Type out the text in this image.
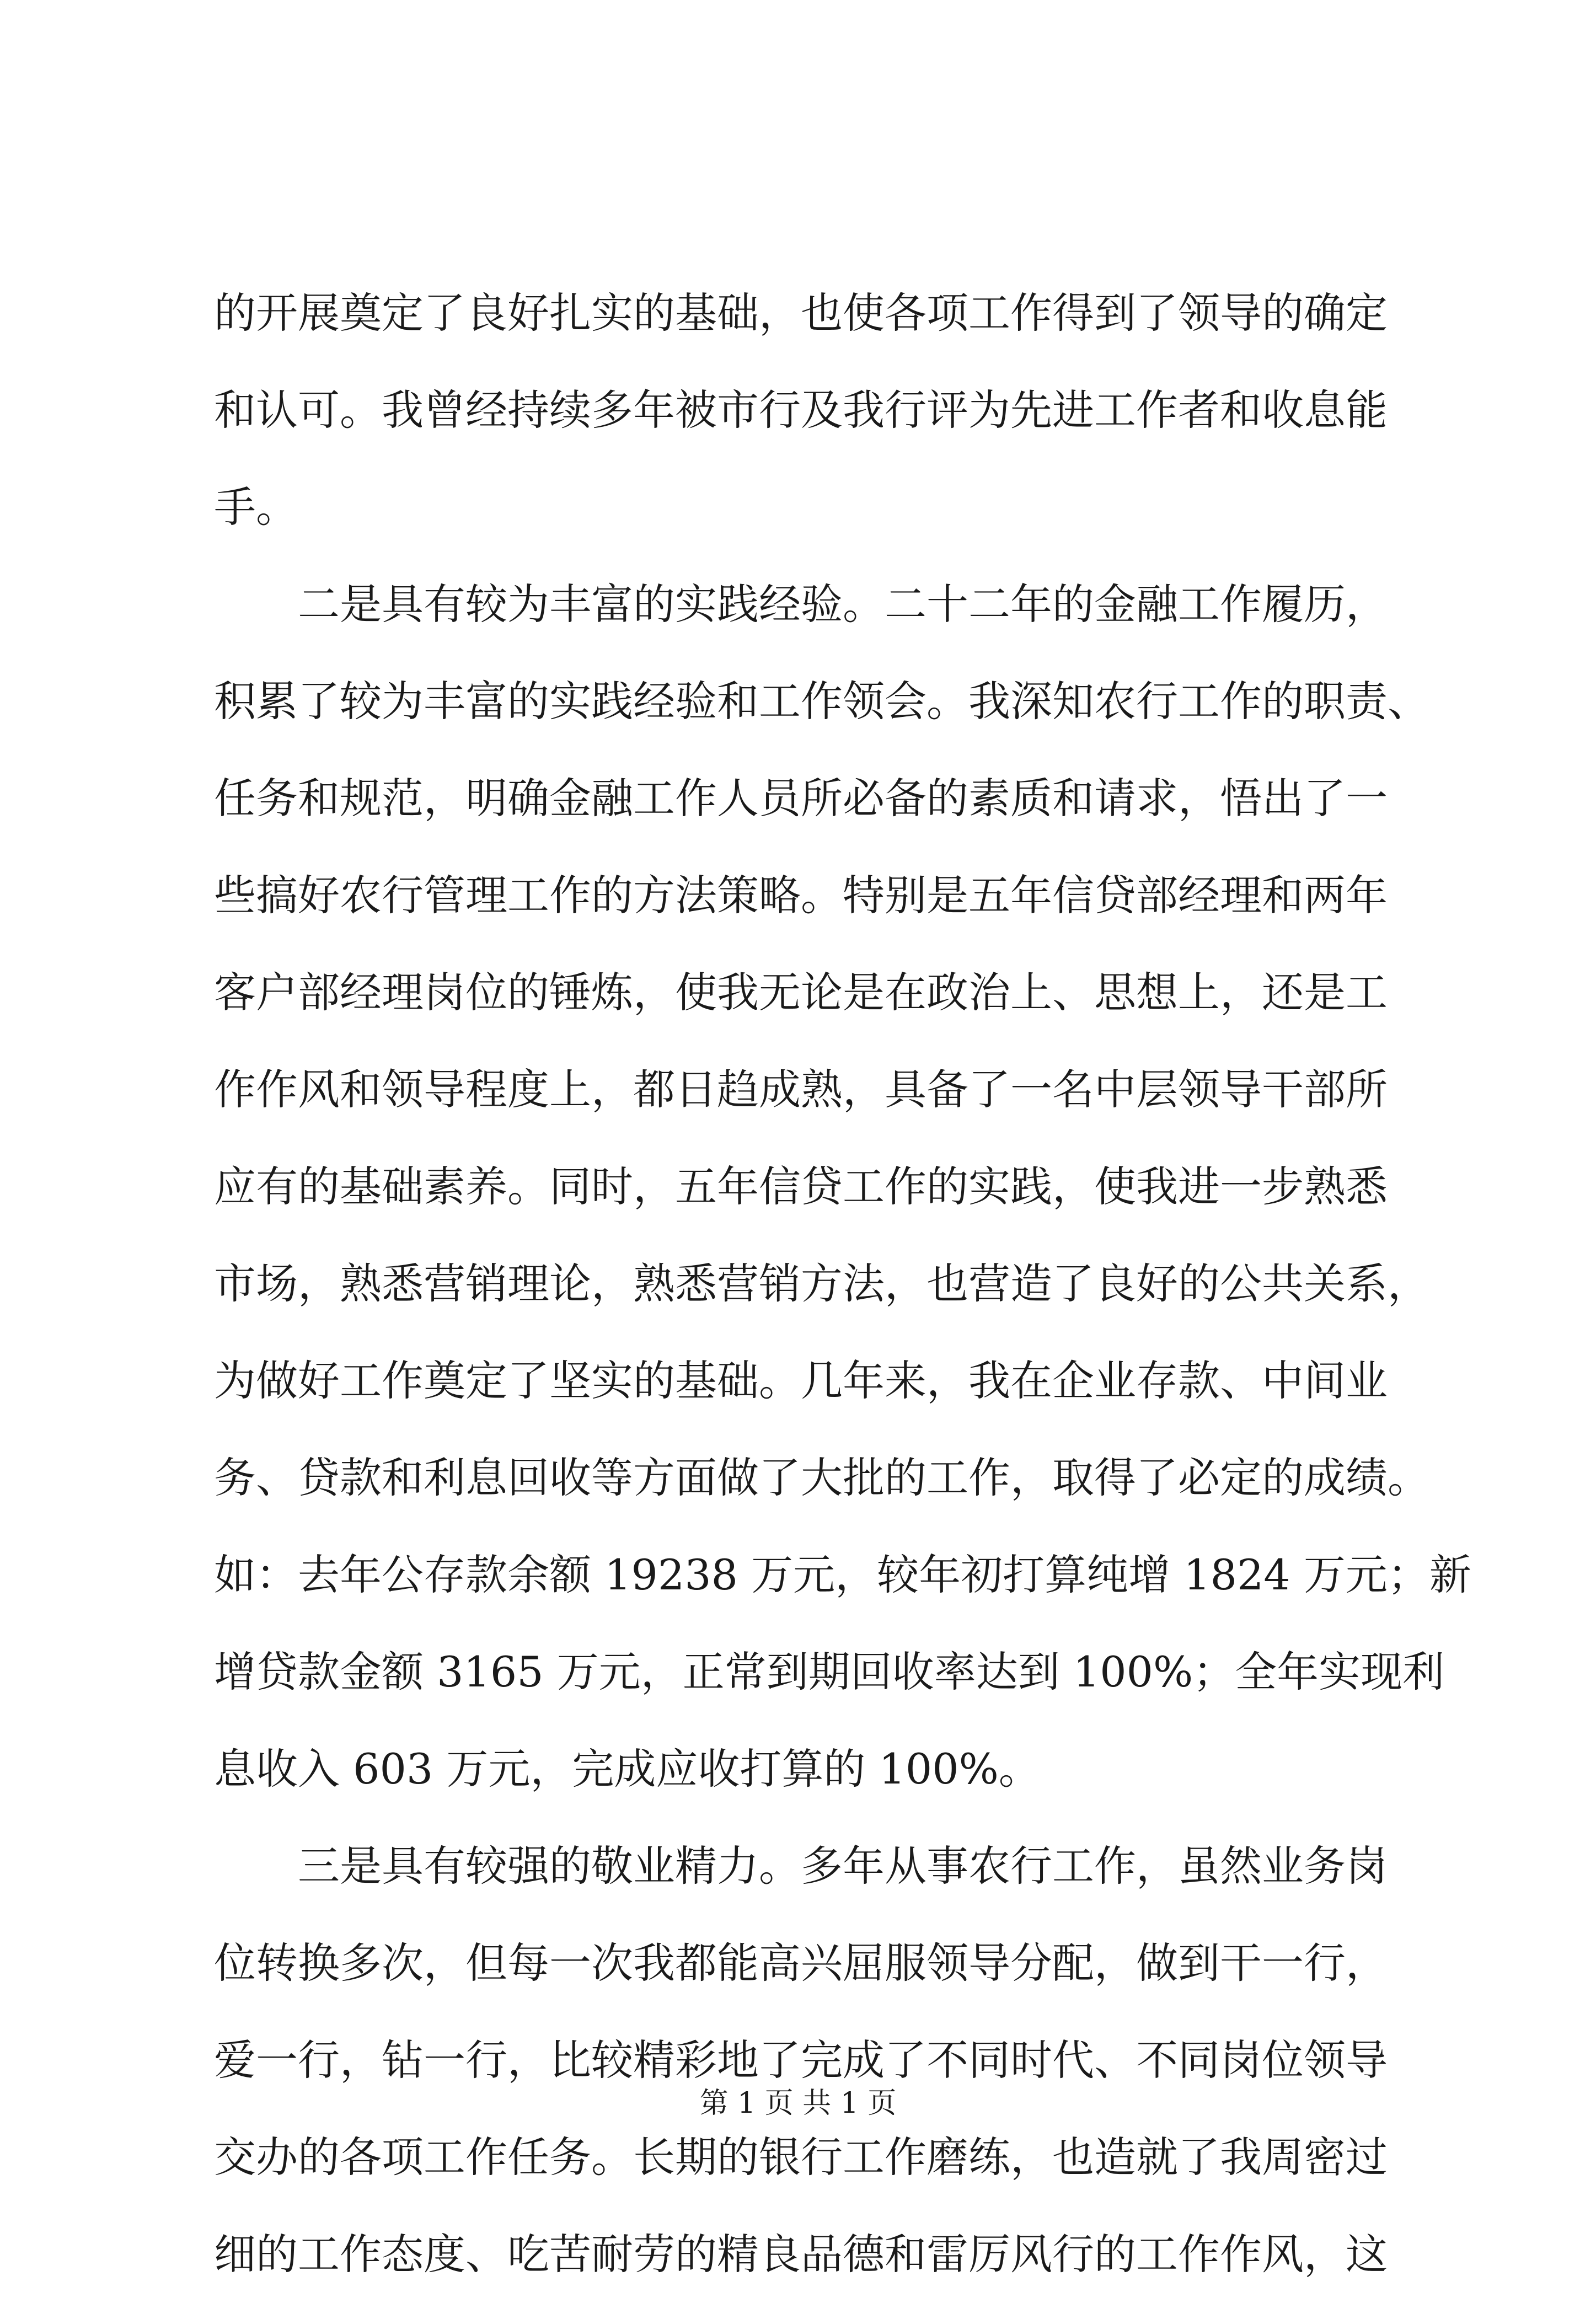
的开展奠定了良好扎实的基础，也使各项工作得到了领导的确定
和认可。我曾经持续多年被市行及我行评为先进工作者和收息能
手。
　　二是具有较为丰富的实践经验。二十二年的金融工作履历，
积累了较为丰富的实践经验和工作领会。我深知农行工作的职责、
任务和规范，明确金融工作人员所必备的素质和请求，悟出了一
些搞好农行管理工作的方法策略。特别是五年信贷部经理和两年
客户部经理岗位的锤炼，使我无论是在政治上、思想上，还是工
作作风和领导程度上，都日趋成熟，具备了一名中层领导干部所
应有的基础素养。同时，五年信贷工作的实践，使我进一步熟悉
市场，熟悉营销理论，熟悉营销方法，也营造了良好的公共关系，
为做好工作奠定了坚实的基础。几年来，我在企业存款、中间业
务、贷款和利息回收等方面做了大批的工作，取得了必定的成绩。
如：去年公存款余额 19238 万元，较年初打算纯增 1824 万元；新
增贷款金额 3165 万元，正常到期回收率达到 100%；全年实现利
息收入 603 万元，完成应收打算的 100%。
　　三是具有较强的敬业精力。多年从事农行工作，虽然业务岗
位转换多次，但每一次我都能高兴屈服领导分配，做到干一行，
爱一行，钻一行，比较精彩地了完成了不同时代、不同岗位领导
交办的各项工作任务。长期的银行工作磨练，也造就了我周密过
细的工作态度、吃苦耐劳的精良品德和雷厉风行的工作作风，这
第 1 页 共 1 页
